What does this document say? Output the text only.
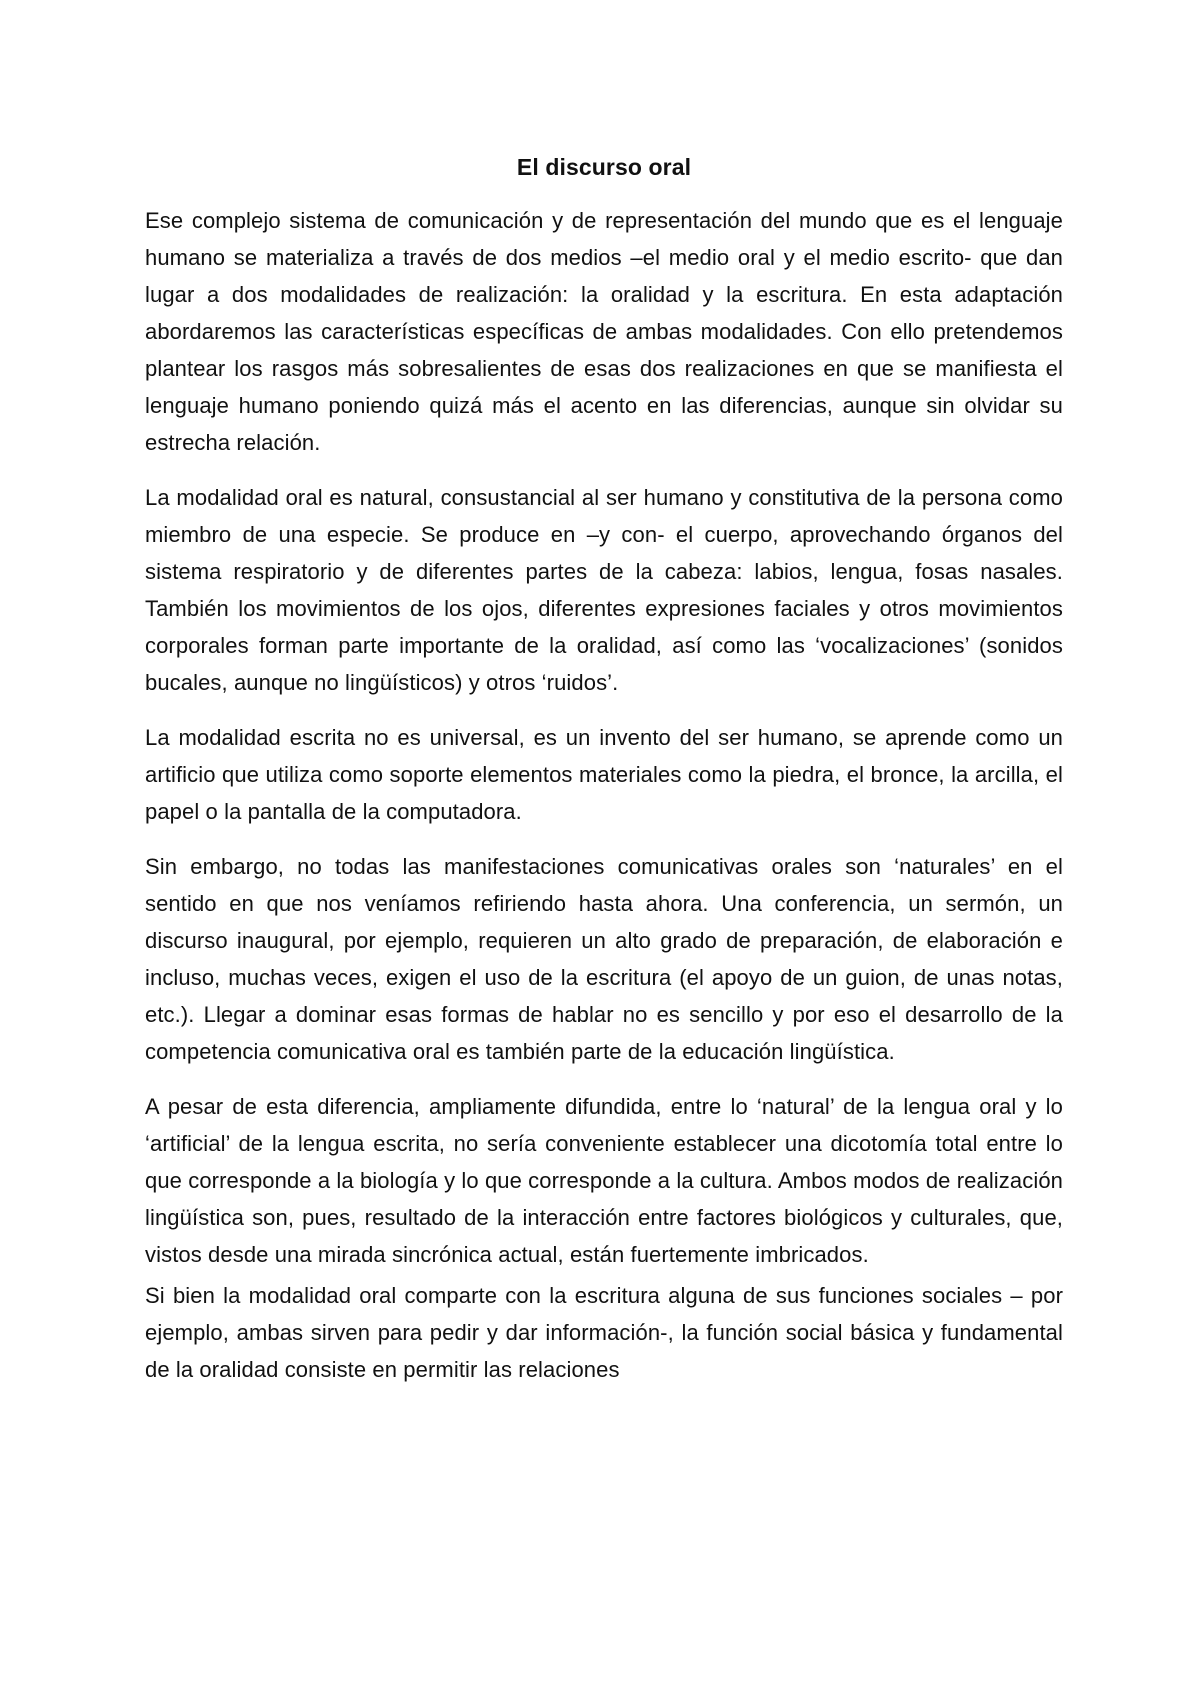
El discurso oral

Ese complejo sistema de comunicación y de representación del mundo que es el lenguaje humano se materializa a través de dos medios –el medio oral y el medio escrito- que dan lugar a dos modalidades de realización: la oralidad y la escritura. En esta adaptación abordaremos las características específicas de ambas modalidades. Con ello pretendemos plantear los rasgos más sobresalientes de esas dos realizaciones en que se manifiesta el lenguaje humano poniendo quizá más el acento en las diferencias, aunque sin olvidar su estrecha relación.

La modalidad oral es natural, consustancial al ser humano y constitutiva de la persona como miembro de una especie. Se produce en –y con- el cuerpo, aprovechando órganos del sistema respiratorio y de diferentes partes de la cabeza: labios, lengua, fosas nasales. También los movimientos de los ojos, diferentes expresiones faciales y otros movimientos corporales forman parte importante de la oralidad, así como las ‘vocalizaciones’ (sonidos bucales, aunque no lingüísticos) y otros ‘ruidos’.

La modalidad escrita no es universal, es un invento del ser humano, se aprende como un artificio que utiliza como soporte elementos materiales como la piedra, el bronce, la arcilla, el papel o la pantalla de la computadora.

Sin embargo, no todas las manifestaciones comunicativas orales son ‘naturales’ en el sentido en que nos veníamos refiriendo hasta ahora. Una conferencia, un sermón, un discurso inaugural, por ejemplo, requieren un alto grado de preparación, de elaboración e incluso, muchas veces, exigen el uso de la escritura (el apoyo de un guion, de unas notas, etc.). Llegar a dominar esas formas de hablar no es sencillo y por eso el desarrollo de la competencia comunicativa oral es también parte de la educación lingüística.

A pesar de esta diferencia, ampliamente difundida, entre lo ‘natural’ de la lengua oral y lo ‘artificial’ de la lengua escrita, no sería conveniente establecer una dicotomía total entre lo que corresponde a la biología y lo que corresponde a la cultura. Ambos modos de realización lingüística son, pues, resultado de la interacción entre factores biológicos y culturales, que, vistos desde una mirada sincrónica actual, están fuertemente imbricados.

Si bien la modalidad oral comparte con la escritura alguna de sus funciones sociales – por ejemplo, ambas sirven para pedir y dar información-, la función social básica y fundamental de la oralidad consiste en permitir las relaciones
